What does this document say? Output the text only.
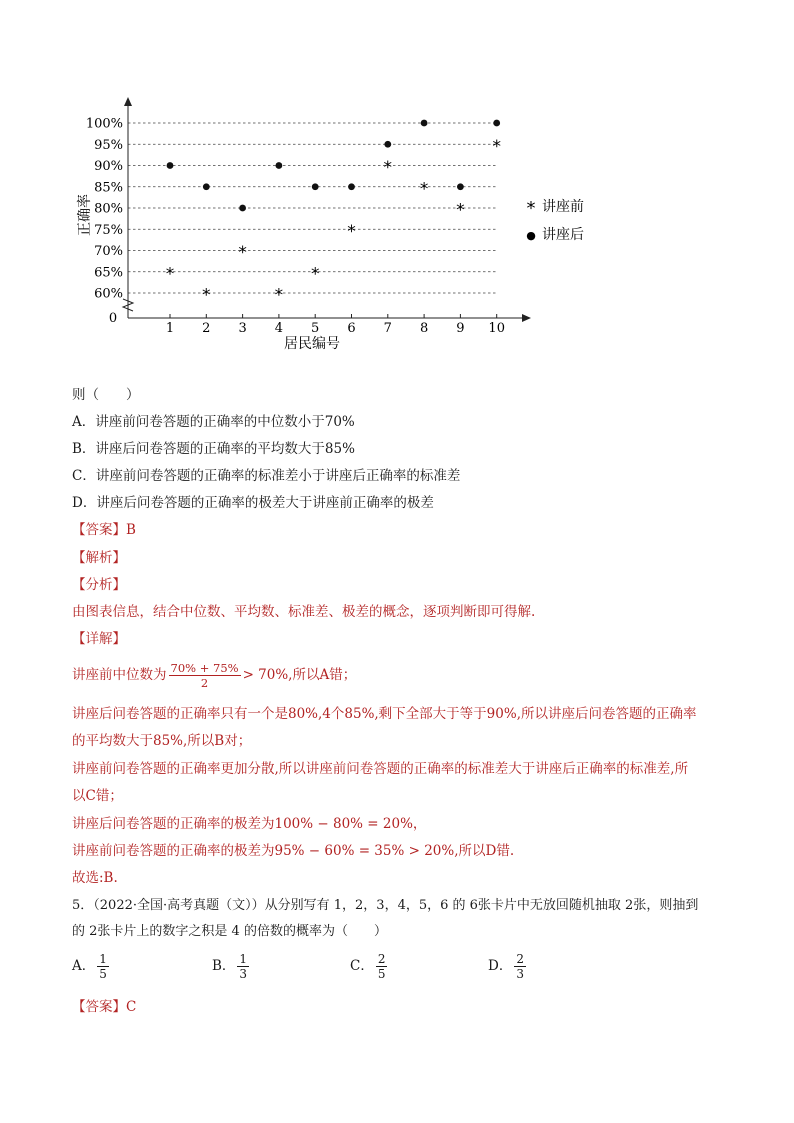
60%
65%
70%
75%
80%
85%
90%
95%
100%
1 2 3 4 5 6 7 8 9 10
0
*
*
*
*
*
*
*
*
*
*
居民编号
正确率	* 讲座前
● 讲座后
则（　　）
A．讲座前问卷答题的正确率的中位数小于70%
B．讲座后问卷答题的正确率的平均数大于85%
C．讲座前问卷答题的正确率的标准差小于讲座后正确率的标准差
D．讲座后问卷答题的正确率的极差大于讲座前正确率的极差
【答案】B
【解析】
【分析】
由图表信息，结合中位数、平均数、标准差、极差的概念，逐项判断即可得解.
【详解】
讲座前中位数为 $\frac{70\% + 75\%}{2} > 70\%$,所以A错；
讲座后问卷答题的正确率只有一个是80%,4个85%,剩下全部大于等于90%,所以讲座后问卷答题的正确率
的平均数大于85%,所以B对；
讲座前问卷答题的正确率更加分散,所以讲座前问卷答题的正确率的标准差大于讲座后正确率的标准差,所
以C错；
讲座后问卷答题的正确率的极差为100% − 80% = 20%，
讲座前问卷答题的正确率的极差为95% − 60% = 35% > 20%,所以D错.
故选:B.
5．（2022·全国·高考真题（文））从分别写有 1，2，3，4，5，6 的 6张卡片中无放回随机抽取 2张，则抽到
的 2张卡片上的数字之积是 4 的倍数的概率为（　　）
A． $\frac{1}{5}$	B． $\frac{1}{3}$	C． $\frac{2}{5}$	D． $\frac{2}{3}$
【答案】C
